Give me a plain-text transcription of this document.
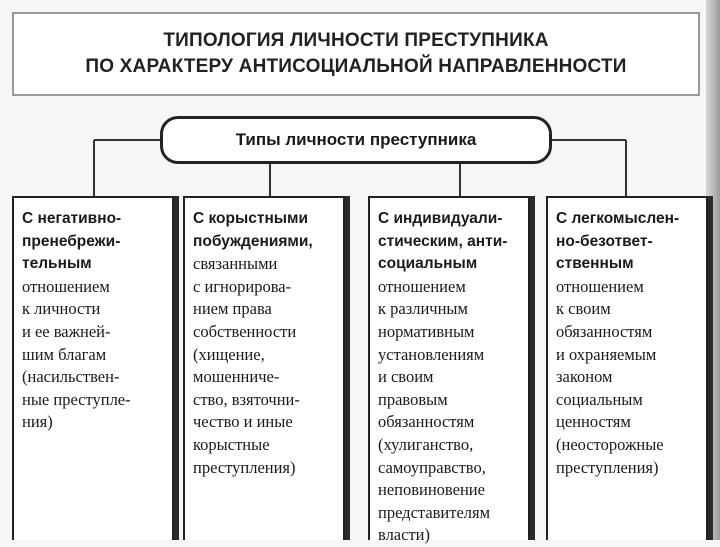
ТИПОЛОГИЯ ЛИЧНОСТИ ПРЕСТУПНИКА
ПО ХАРАКТЕРУ АНТИСОЦИАЛЬНОЙ НАПРАВЛЕННОСТИ
Типы личности преступника
С негативно-
пренебрежи-
тельным
отношением
к личности
и ее важней-
шим благам
(насильствен-
ные преступле-
ния)
С корыстными
побуждениями,
связанными
с игнорирова-
нием права
собственности
(хищение,
мошенниче-
ство, взяточни-
чество и иные
корыстные
преступления)
С индивидуали-
стическим, анти-
социальным
отношением
к различным
нормативным
установлениям
и своим
правовым
обязанностям
(хулиганство,
самоуправство,
неповиновение
представителям
власти)
С легкомыслен-
но-безответ-
ственным
отношением
к своим
обязанностям
и охраняемым
законом
социальным
ценностям
(неосторожные
преступления)
